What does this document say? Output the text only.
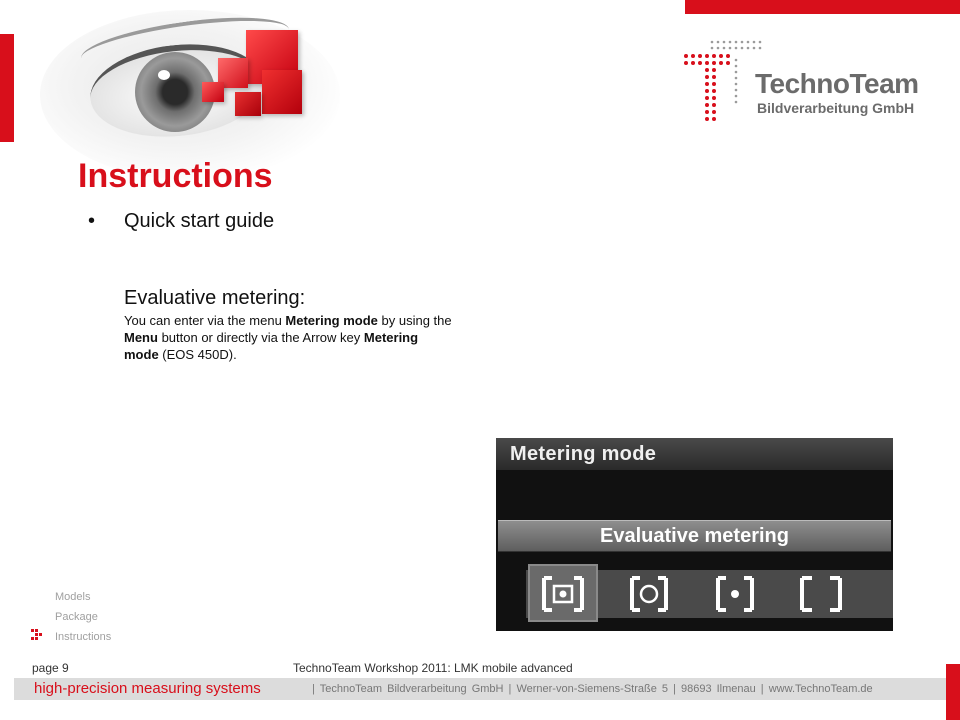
TechnoTeam
Bildverarbeitung GmbH
Instructions
• Quick start guide
Evaluative metering:
You can enter via the menu Metering mode by using the Menu button or directly via the Arrow key Metering mode (EOS 450D).
Metering mode
Evaluative metering
Models
Package
Instructions
page 9	TechnoTeam Workshop 2011: LMK mobile advanced
high-precision measuring systems	| TechnoTeam Bildverarbeitung GmbH | Werner-von-Siemens-Straße 5 | 98693 Ilmenau | www.TechnoTeam.de
